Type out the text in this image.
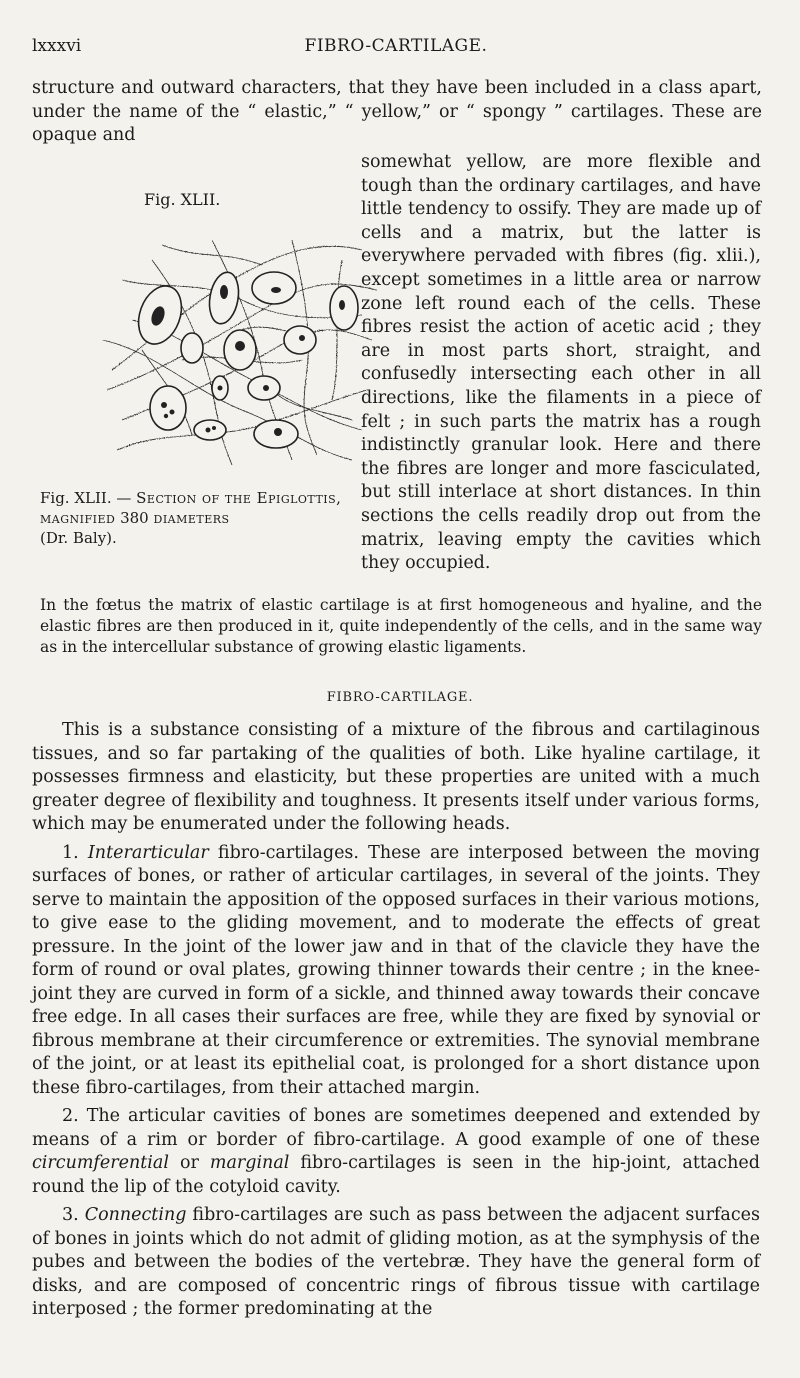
lxxxvi	FIBRO-CARTILAGE.

structure and outward characters, that they have been included in a class apart, under the name of the “ elastic,” “ yellow,” or “ spongy ” cartilages. These are opaque and

Fig. XLII.
Fig. XLII. — Section of the Epiglottis, magnified 380 diameters
(Dr. Baly).

somewhat yellow, are more flexible and tough than the ordinary cartilages, and have little tendency to ossify. They are made up of cells and a matrix, but the latter is everywhere pervaded with fibres (fig. xlii.), except sometimes in a little area or narrow zone left round each of the cells. These fibres resist the action of acetic acid ; they are in most parts short, straight, and confusedly intersecting each other in all directions, like the filaments in a piece of felt ; in such parts the matrix has a rough indistinctly granular look. Here and there the fibres are longer and more fasciculated, but still interlace at short distances. In thin sections the cells readily drop out from the matrix, leaving empty the cavities which they occupied.

In the fœtus the matrix of elastic cartilage is at first homogeneous and hyaline, and the elastic fibres are then produced in it, quite independently of the cells, and in the same way as in the intercellular substance of growing elastic ligaments.

FIBRO-CARTILAGE.

This is a substance consisting of a mixture of the fibrous and cartilaginous tissues, and so far partaking of the qualities of both. Like hyaline cartilage, it possesses firmness and elasticity, but these properties are united with a much greater degree of flexibility and toughness. It presents itself under various forms, which may be enumerated under the following heads.

1. Interarticular fibro-cartilages. These are interposed between the moving surfaces of bones, or rather of articular cartilages, in several of the joints. They serve to maintain the apposition of the opposed surfaces in their various motions, to give ease to the gliding movement, and to moderate the effects of great pressure. In the joint of the lower jaw and in that of the clavicle they have the form of round or oval plates, growing thinner towards their centre ; in the knee-joint they are curved in form of a sickle, and thinned away towards their concave free edge. In all cases their surfaces are free, while they are fixed by synovial or fibrous membrane at their circumference or extremities. The synovial membrane of the joint, or at least its epithelial coat, is prolonged for a short distance upon these fibro-cartilages, from their attached margin.

2. The articular cavities of bones are sometimes deepened and extended by means of a rim or border of fibro-cartilage. A good example of one of these circumferential or marginal fibro-cartilages is seen in the hip-joint, attached round the lip of the cotyloid cavity.

3. Connecting fibro-cartilages are such as pass between the adjacent surfaces of bones in joints which do not admit of gliding motion, as at the symphysis of the pubes and between the bodies of the vertebræ. They have the general form of disks, and are composed of concentric rings of fibrous tissue with cartilage interposed ; the former predominating at the
